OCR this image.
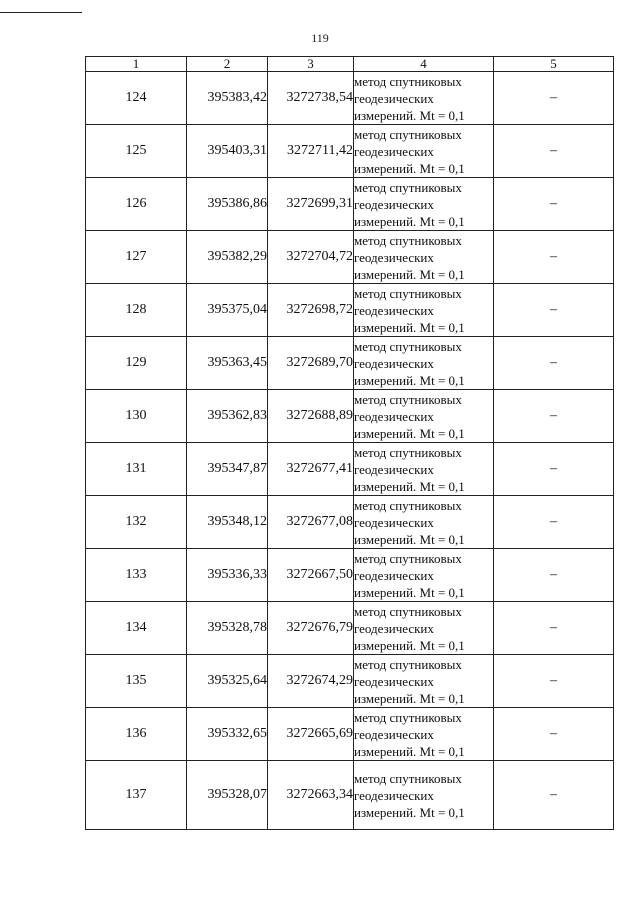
119
1	2	3	4	5
124	395383,42	3272738,54	метод спутниковых геодезических измерений. Mt = 0,1	–
125	395403,31	3272711,42	метод спутниковых геодезических измерений. Mt = 0,1	–
126	395386,86	3272699,31	метод спутниковых геодезических измерений. Mt = 0,1	–
127	395382,29	3272704,72	метод спутниковых геодезических измерений. Mt = 0,1	–
128	395375,04	3272698,72	метод спутниковых геодезических измерений. Mt = 0,1	–
129	395363,45	3272689,70	метод спутниковых геодезических измерений. Mt = 0,1	–
130	395362,83	3272688,89	метод спутниковых геодезических измерений. Mt = 0,1	–
131	395347,87	3272677,41	метод спутниковых геодезических измерений. Mt = 0,1	–
132	395348,12	3272677,08	метод спутниковых геодезических измерений. Mt = 0,1	–
133	395336,33	3272667,50	метод спутниковых геодезических измерений. Mt = 0,1	–
134	395328,78	3272676,79	метод спутниковых геодезических измерений. Mt = 0,1	–
135	395325,64	3272674,29	метод спутниковых геодезических измерений. Mt = 0,1	–
136	395332,65	3272665,69	метод спутниковых геодезических измерений. Mt = 0,1	–
137	395328,07	3272663,34	метод спутниковых геодезических измерений. Mt = 0,1	–
